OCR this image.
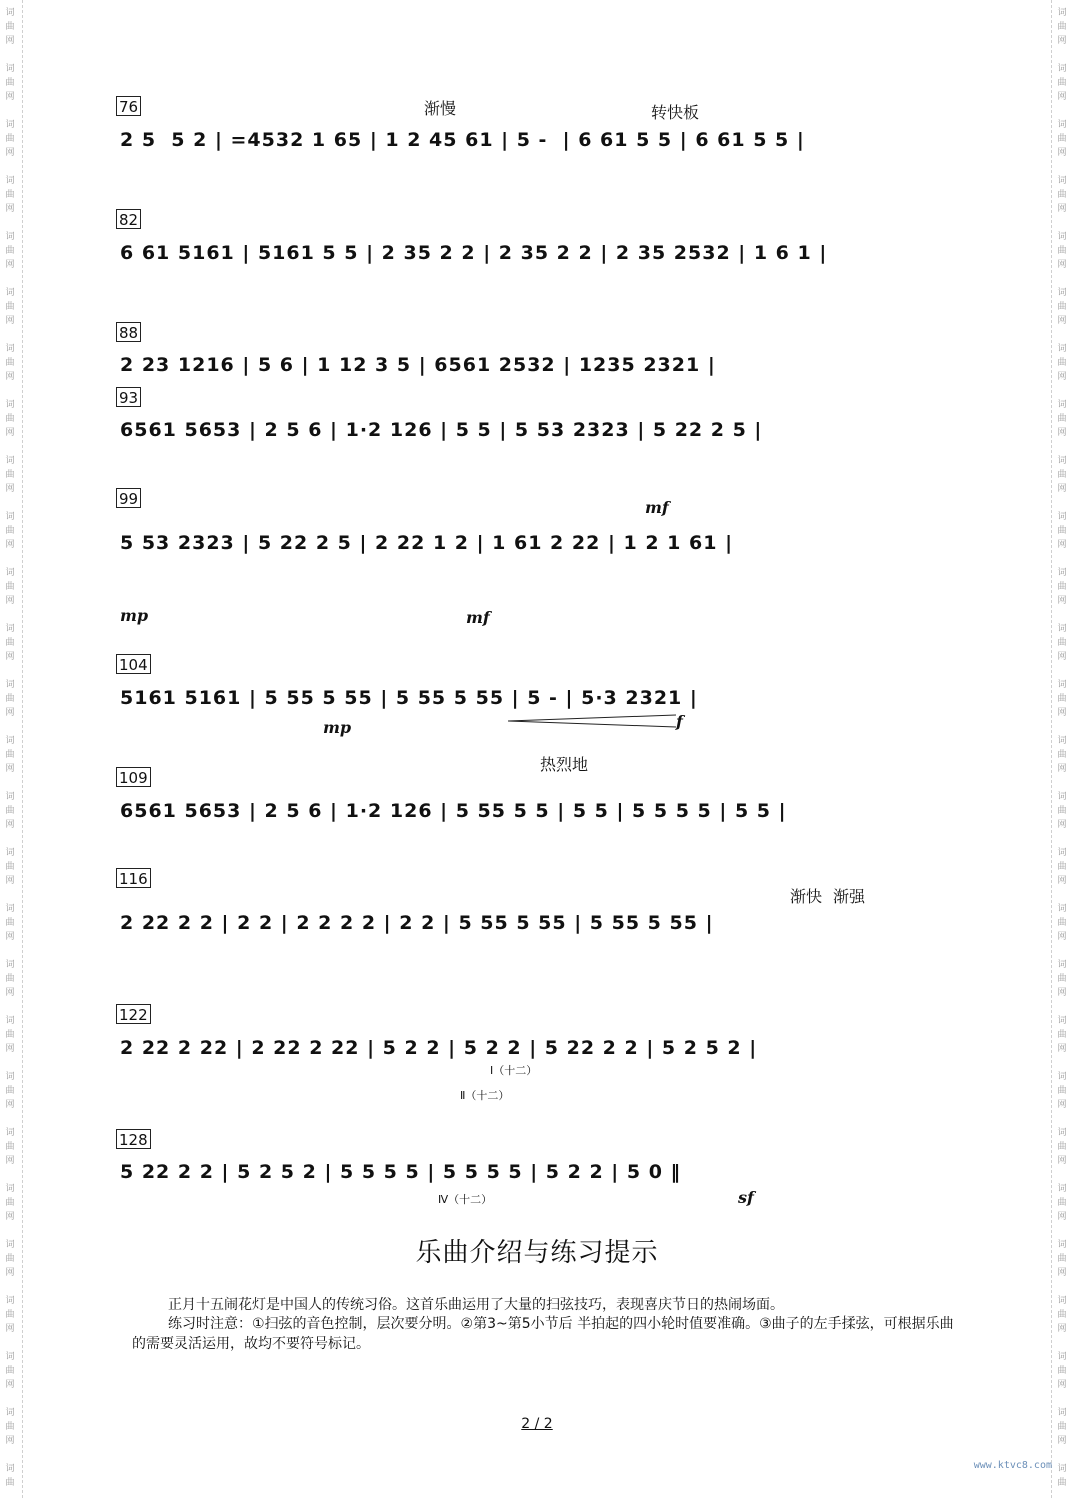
词
曲
网
词
曲
网
词
曲
网
词
曲
网
词
曲
网
词
曲
网
词
曲
网
词
曲
网
词
曲
网
词
曲
网
词
曲
网
词
曲
网
词
曲
网
词
曲
网
词
曲
网
词
曲
网
词
曲
网
词
曲
网
词
曲
网
词
曲
网
词
曲
网
词
曲
网
词
曲
网
词
曲
网
词
曲
网
词
曲
网
词
曲
词
曲
网
词
曲
网
词
曲
网
词
曲
网
词
曲
网
词
曲
网
词
曲
网
词
曲
网
词
曲
网
词
曲
网
词
曲
网
词
曲
网
词
曲
网
词
曲
网
词
曲
网
词
曲
网
词
曲
网
词
曲
网
词
曲
网
词
曲
网
词
曲
网
词
曲
网
词
曲
网
词
曲
网
词
曲
网
词
曲
网
词
曲
76
2 5  5 2 | =4532 1 65 | 1 2 45 61 | 5 -  | 6 61 5 5 | 6 61 5 5 |
82
6 61 5161 | 5161 5 5 | 2 35 2 2 | 2 35 2 2 | 2 35 2532 | 1 6 1 |
88
2 23 1216 | 5 6 | 1 12 3 5 | 6561 2532 | 1235 2321 |
93
6561 5653 | 2 5 6 | 1·2 126 | 5 5 | 5 53 2323 | 5 22 2 5 |
99
5 53 2323 | 5 22 2 5 | 2 22 1 2 | 1 61 2 22 | 1 2 1 61 |
104
5161 5161 | 5 55 5 55 | 5 55 5 55 | 5 - | 5·3 2321 |
109
6561 5653 | 2 5 6 | 1·2 126 | 5 55 5 5 | 5 5 | 5 5 5 5 | 5 5 |
116
2 22 2 2 | 2 2 | 2 2 2 2 | 2 2 | 5 55 5 55 | 5 55 5 55 |
122
2 22 2 22 | 2 22 2 22 | 5 2 2 | 5 2 2 | 5 22 2 2 | 5 2 5 2 |
128
5 22 2 2 | 5 2 5 2 | 5 5 5 5 | 5 5 5 5 | 5 2 2 | 5 0 ‖
渐慢	转快板
热烈地
渐快 渐强
mf
mp	mf
mp	f
sf
Ⅰ（十二）
Ⅱ（十二）
Ⅳ（十二）
乐曲介绍与练习提示
正月十五闹花灯是中国人的传统习俗。这首乐曲运用了大量的扫弦技巧，表现喜庆节日的热闹场面。
练习时注意：①扫弦的音色控制，层次要分明。②第3~第5小节后 半拍起的四小轮时值要准确。③曲子的左手揉弦，可根据乐曲的需要灵活运用，故均不要符号标记。
2 / 2
www.ktvc8.com
